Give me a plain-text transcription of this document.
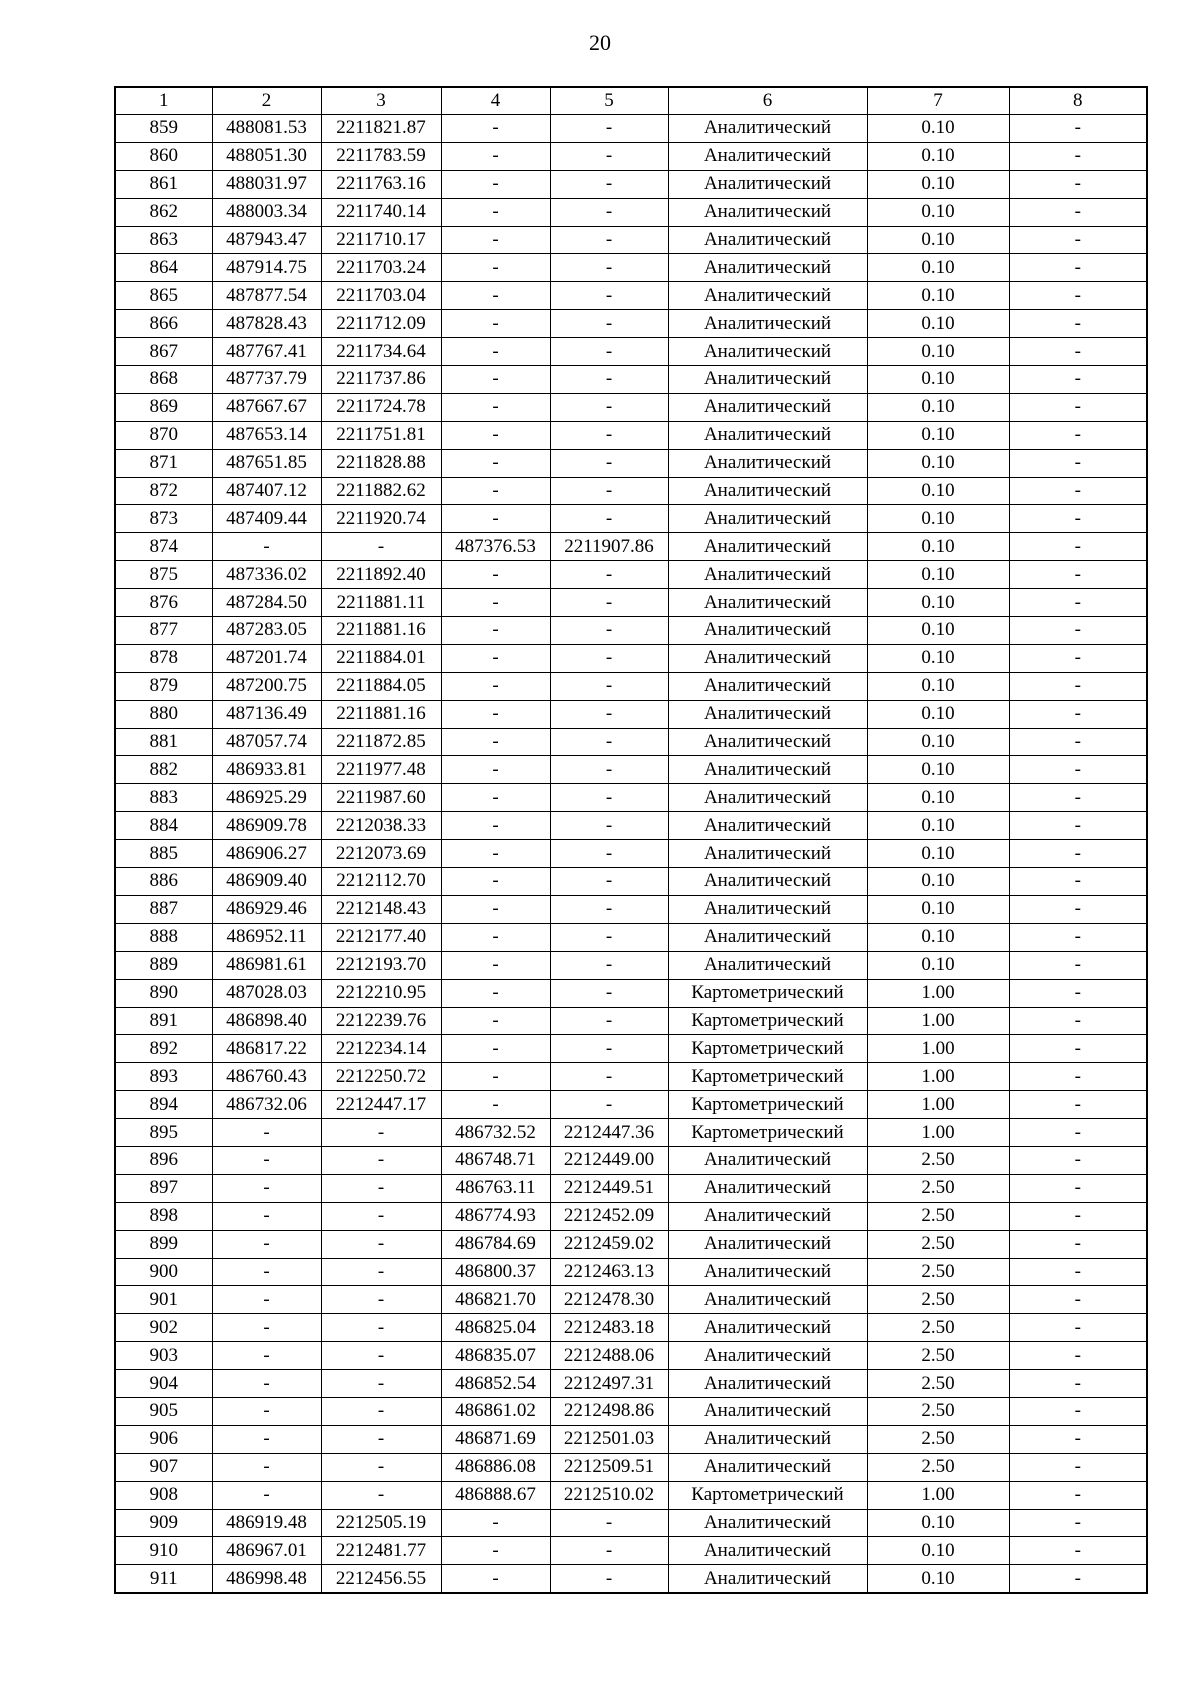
20
1	2	3	4	5	6	7	8
859	488081.53	2211821.87	-	-	Аналитический	0.10	-
860	488051.30	2211783.59	-	-	Аналитический	0.10	-
861	488031.97	2211763.16	-	-	Аналитический	0.10	-
862	488003.34	2211740.14	-	-	Аналитический	0.10	-
863	487943.47	2211710.17	-	-	Аналитический	0.10	-
864	487914.75	2211703.24	-	-	Аналитический	0.10	-
865	487877.54	2211703.04	-	-	Аналитический	0.10	-
866	487828.43	2211712.09	-	-	Аналитический	0.10	-
867	487767.41	2211734.64	-	-	Аналитический	0.10	-
868	487737.79	2211737.86	-	-	Аналитический	0.10	-
869	487667.67	2211724.78	-	-	Аналитический	0.10	-
870	487653.14	2211751.81	-	-	Аналитический	0.10	-
871	487651.85	2211828.88	-	-	Аналитический	0.10	-
872	487407.12	2211882.62	-	-	Аналитический	0.10	-
873	487409.44	2211920.74	-	-	Аналитический	0.10	-
874	-	-	487376.53	2211907.86	Аналитический	0.10	-
875	487336.02	2211892.40	-	-	Аналитический	0.10	-
876	487284.50	2211881.11	-	-	Аналитический	0.10	-
877	487283.05	2211881.16	-	-	Аналитический	0.10	-
878	487201.74	2211884.01	-	-	Аналитический	0.10	-
879	487200.75	2211884.05	-	-	Аналитический	0.10	-
880	487136.49	2211881.16	-	-	Аналитический	0.10	-
881	487057.74	2211872.85	-	-	Аналитический	0.10	-
882	486933.81	2211977.48	-	-	Аналитический	0.10	-
883	486925.29	2211987.60	-	-	Аналитический	0.10	-
884	486909.78	2212038.33	-	-	Аналитический	0.10	-
885	486906.27	2212073.69	-	-	Аналитический	0.10	-
886	486909.40	2212112.70	-	-	Аналитический	0.10	-
887	486929.46	2212148.43	-	-	Аналитический	0.10	-
888	486952.11	2212177.40	-	-	Аналитический	0.10	-
889	486981.61	2212193.70	-	-	Аналитический	0.10	-
890	487028.03	2212210.95	-	-	Картометрический	1.00	-
891	486898.40	2212239.76	-	-	Картометрический	1.00	-
892	486817.22	2212234.14	-	-	Картометрический	1.00	-
893	486760.43	2212250.72	-	-	Картометрический	1.00	-
894	486732.06	2212447.17	-	-	Картометрический	1.00	-
895	-	-	486732.52	2212447.36	Картометрический	1.00	-
896	-	-	486748.71	2212449.00	Аналитический	2.50	-
897	-	-	486763.11	2212449.51	Аналитический	2.50	-
898	-	-	486774.93	2212452.09	Аналитический	2.50	-
899	-	-	486784.69	2212459.02	Аналитический	2.50	-
900	-	-	486800.37	2212463.13	Аналитический	2.50	-
901	-	-	486821.70	2212478.30	Аналитический	2.50	-
902	-	-	486825.04	2212483.18	Аналитический	2.50	-
903	-	-	486835.07	2212488.06	Аналитический	2.50	-
904	-	-	486852.54	2212497.31	Аналитический	2.50	-
905	-	-	486861.02	2212498.86	Аналитический	2.50	-
906	-	-	486871.69	2212501.03	Аналитический	2.50	-
907	-	-	486886.08	2212509.51	Аналитический	2.50	-
908	-	-	486888.67	2212510.02	Картометрический	1.00	-
909	486919.48	2212505.19	-	-	Аналитический	0.10	-
910	486967.01	2212481.77	-	-	Аналитический	0.10	-
911	486998.48	2212456.55	-	-	Аналитический	0.10	-
